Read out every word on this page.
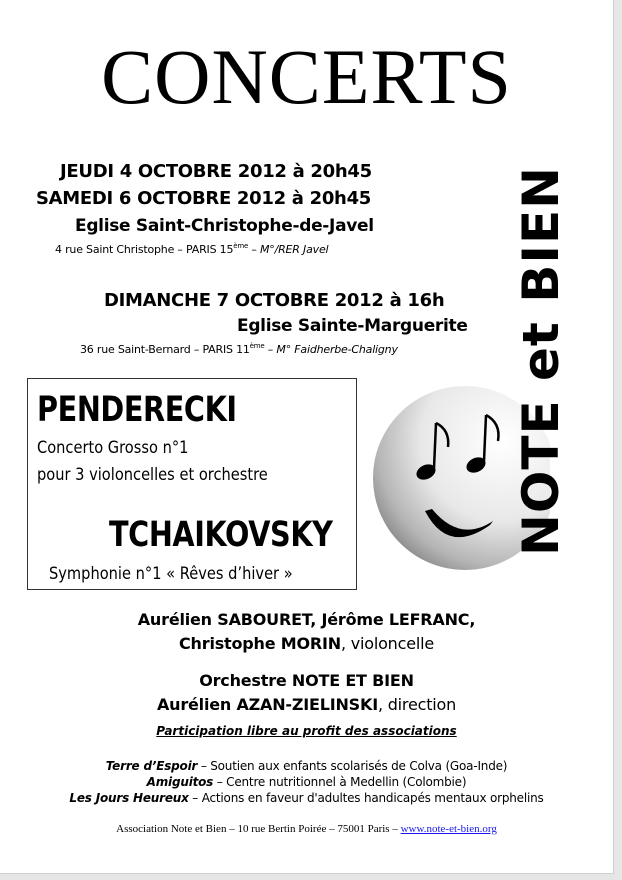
CONCERTS
JEUDI 4 OCTOBRE 2012 à 20h45
SAMEDI 6 OCTOBRE 2012 à 20h45
Eglise Saint-Christophe-de-Javel
4 rue Saint Christophe – PARIS 15ème – M°/RER Javel
DIMANCHE 7 OCTOBRE 2012 à 16h
Eglise Sainte-Marguerite
36 rue Saint-Bernard – PARIS 11ème – M° Faidherbe-Chaligny
PENDERECKI
Concerto Grosso n°1
pour 3 violoncelles et orchestre
TCHAIKOVSKY
Symphonie n°1 « Rêves d’hiver »
NOTE et BIEN
Aurélien SABOURET, Jérôme LEFRANC,
Christophe MORIN, violoncelle
Orchestre NOTE ET BIEN
Aurélien AZAN-ZIELINSKI, direction
Participation libre au profit des associations
Terre d’Espoir – Soutien aux enfants scolarisés de Colva (Goa-Inde)
Amiguitos – Centre nutritionnel à Medellin (Colombie)
Les Jours Heureux – Actions en faveur d'adultes handicapés mentaux orphelins
Association Note et Bien – 10 rue Bertin Poirée – 75001 Paris – www.note-et-bien.org
